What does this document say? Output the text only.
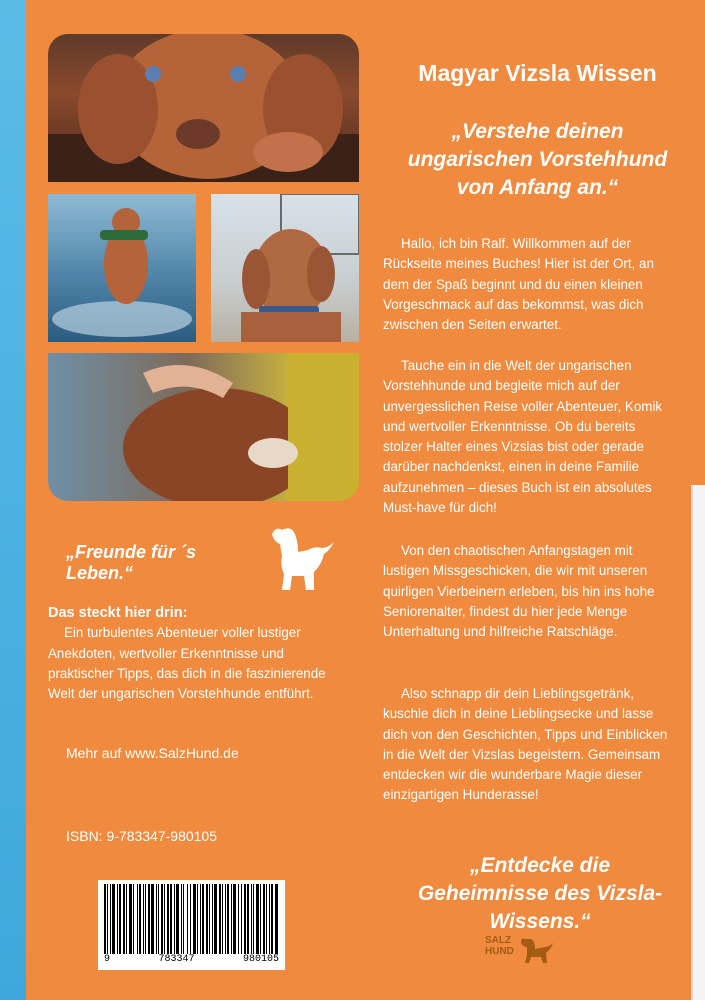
Magyar Vizsla Wissen
„Verstehe deinen ungarischen Vorstehhund von Anfang an.“

Hallo, ich bin Ralf. Willkommen auf der Rückseite meines Buches! Hier ist der Ort, an dem der Spaß beginnt und du einen kleinen Vorgeschmack auf das bekommst, was dich zwischen den Seiten erwartet.

Tauche ein in die Welt der ungarischen Vorstehhunde und begleite mich auf der unvergesslichen Reise voller Abenteuer, Komik und wertvoller Erkenntnisse. Ob du bereits stolzer Halter eines Vizslas bist oder gerade darüber nachdenkst, einen in deine Familie aufzunehmen – dieses Buch ist ein absolutes Must-have für dich!

Von den chaotischen Anfangstagen mit lustigen Missgeschicken, die wir mit unseren quirligen Vierbeinern erleben, bis hin ins hohe Seniorenalter, findest du hier jede Menge Unterhaltung und hilfreiche Ratschläge.

Also schnapp dir dein Lieblingsgetränk, kuschle dich in deine Lieblingsecke und lasse dich von den Geschichten, Tipps und Einblicken in die Welt der Vizslas begeistern. Gemeinsam entdecken wir die wunderbare Magie dieser einzigartigen Hunderasse!

„Entdecke die Geheimnisse des Vizsla-Wissens.“
„Freunde für ´s Leben.“
Das steckt hier drin:
Ein turbulentes Abenteuer voller lustiger Anekdoten, wertvoller Erkenntnisse und praktischer Tipps, das dich in die faszinierende Welt der ungarischen Vorstehhunde entführt.
Mehr auf www.SalzHund.de
ISBN: 9-783347-980105
9	783347	980105
SALZ
HUND
